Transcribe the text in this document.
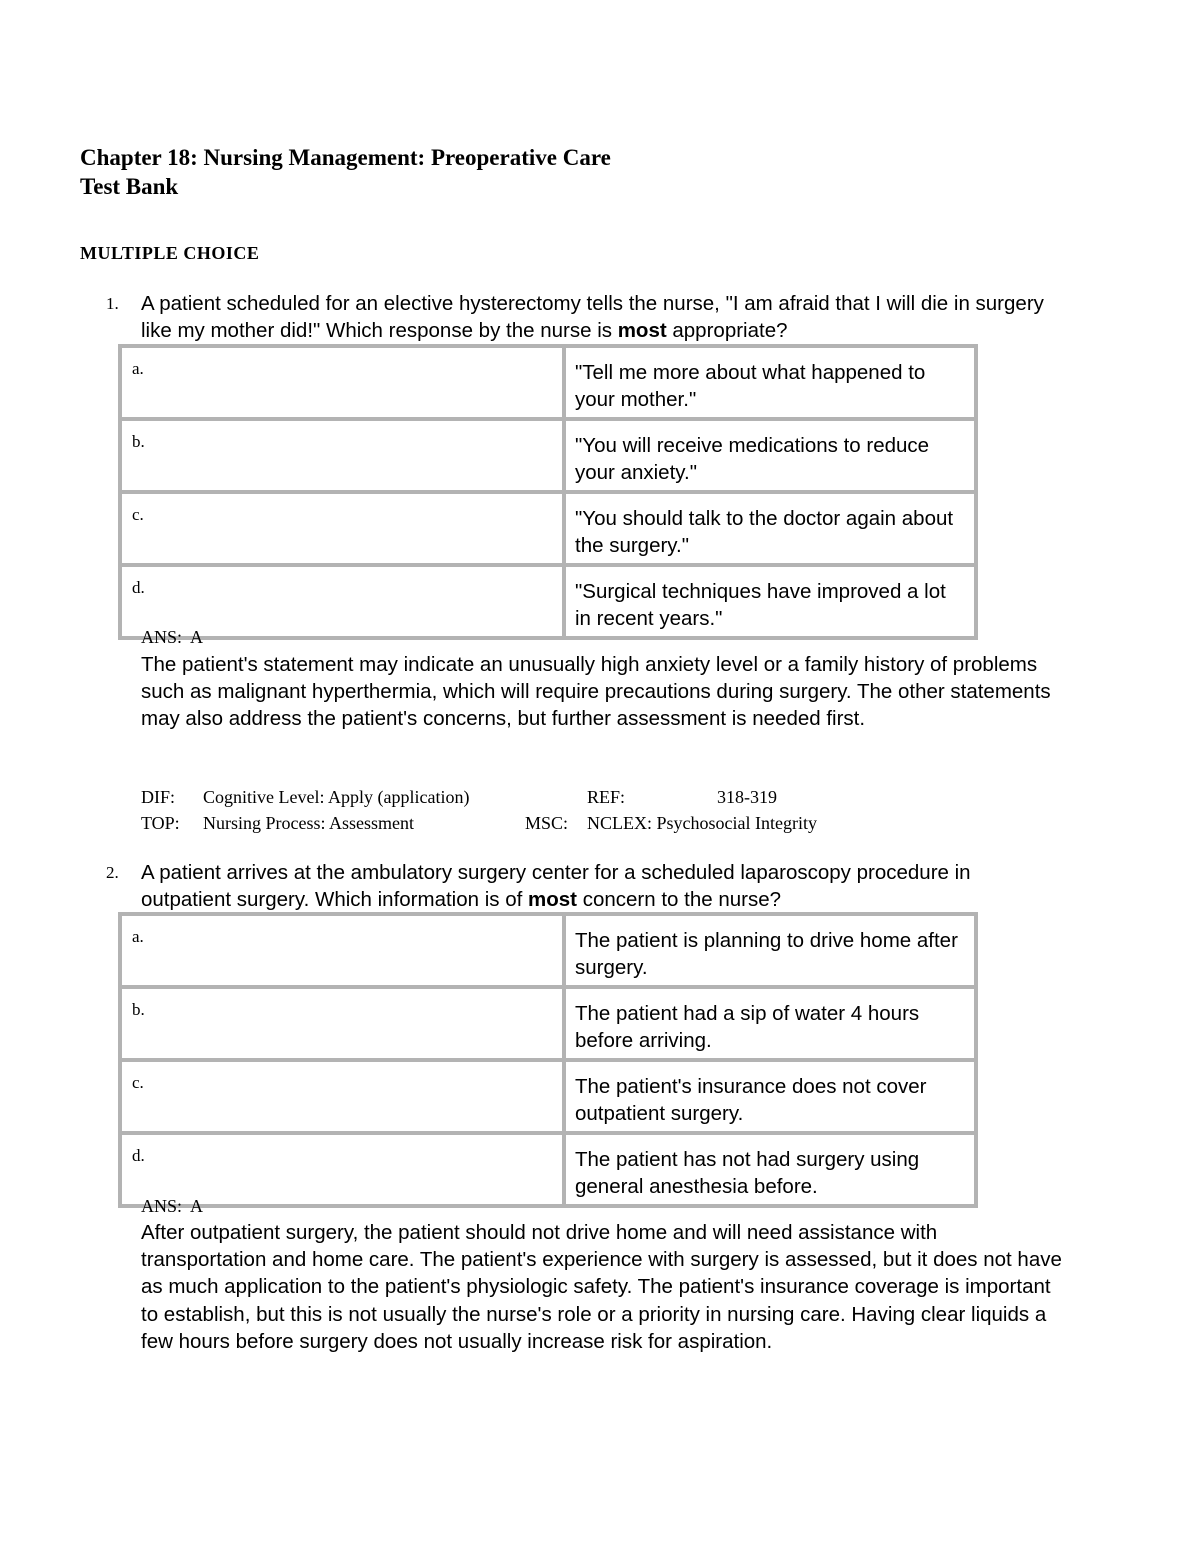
Chapter 18: Nursing Management: Preoperative Care
Test Bank
MULTIPLE CHOICE
1. A patient scheduled for an elective hysterectomy tells the nurse, "I am afraid that I will die in surgery like my mother did!" Which response by the nurse is most appropriate?
a.	"Tell me more about what happened to your mother."
b.	"You will receive medications to reduce your anxiety."
c.	"You should talk to the doctor again about the surgery."
d.	"Surgical techniques have improved a lot in recent years."
ANS:  A
The patient's statement may indicate an unusually high anxiety level or a family history of problems such as malignant hyperthermia, which will require precautions during surgery. The other statements may also address the patient's concerns, but further assessment is needed first.
DIF: Cognitive Level: Apply (application)	REF:	318-319
TOP: Nursing Process: Assessment	MSC: NCLEX: Psychosocial Integrity
2. A patient arrives at the ambulatory surgery center for a scheduled laparoscopy procedure in outpatient surgery. Which information is of most concern to the nurse?
a.	The patient is planning to drive home after surgery.
b.	The patient had a sip of water 4 hours before arriving.
c.	The patient's insurance does not cover outpatient surgery.
d.	The patient has not had surgery using general anesthesia before.
ANS:  A
After outpatient surgery, the patient should not drive home and will need assistance with transportation and home care. The patient's experience with surgery is assessed, but it does not have as much application to the patient's physiologic safety. The patient's insurance coverage is important to establish, but this is not usually the nurse's role or a priority in nursing care. Having clear liquids a few hours before surgery does not usually increase risk for aspiration.
